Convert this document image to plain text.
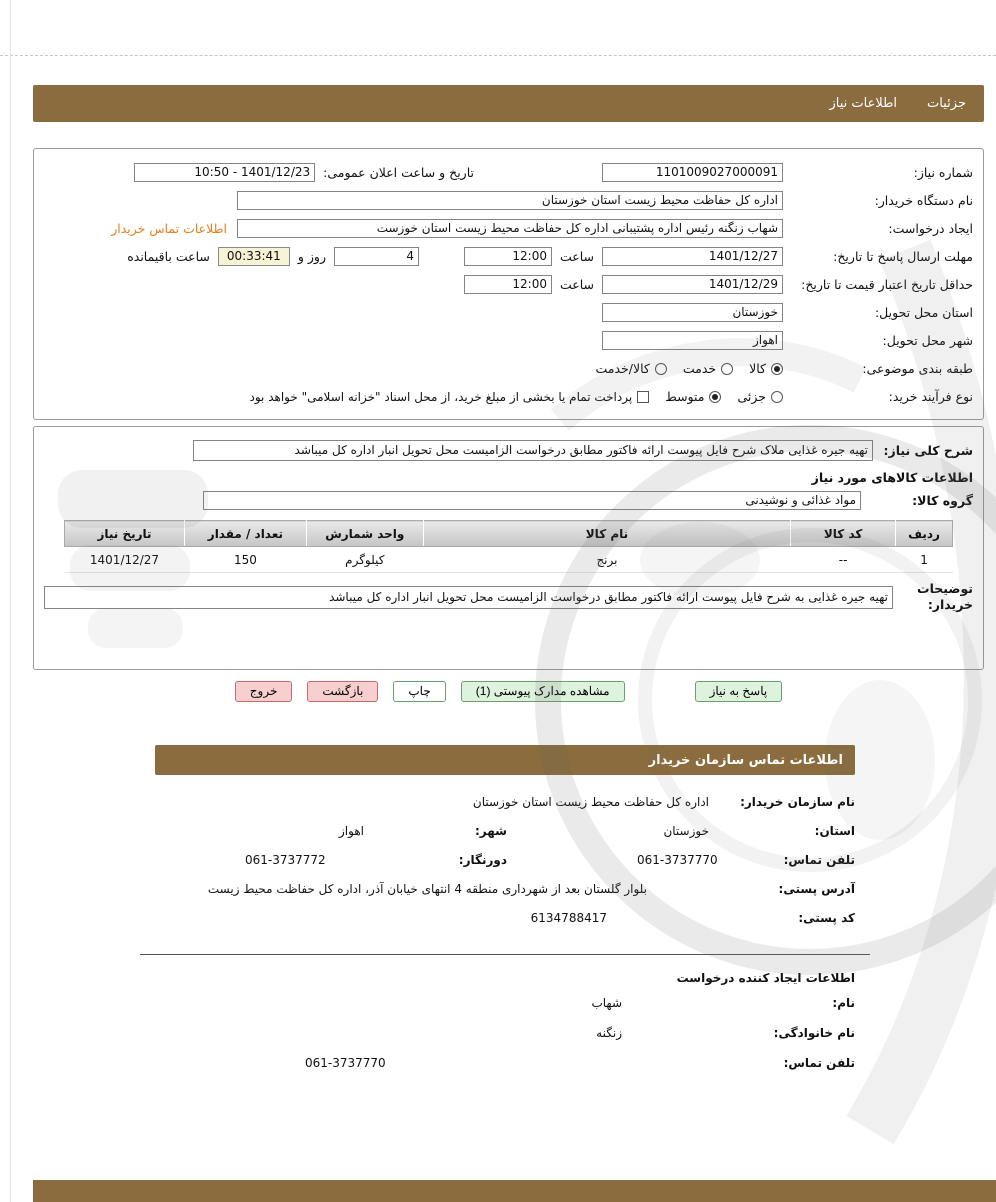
جزئیات
اطلاعات نیاز
شماره نیاز:
1101009027000091
تاریخ و ساعت اعلان عمومی:
1401/12/23 - 10:50
نام دستگاه خریدار:
اداره کل حفاظت محیط زیست استان خوزستان
ایجاد درخواست:
شهاب زنگنه رئیس اداره پشتیبانی اداره کل حفاظت محیط زیست استان خوزست
اطلاعات تماس خریدار
مهلت ارسال پاسخ تا تاریخ:
1401/12/27
ساعت
12:00
4
روز و
00:33:41
ساعت باقیمانده
حداقل تاریخ اعتبار قیمت تا تاریخ:
1401/12/29
ساعت
12:00
استان محل تحویل:
خوزستان
شهر محل تحویل:
اهواز
طبقه بندی موضوعی:
کالا
خدمت
کالا/خدمت
نوع فرآیند خرید:
جزئی
متوسط
پرداخت تمام یا بخشی از مبلغ خرید، از محل اسناد "خزانه اسلامی" خواهد بود
شرح کلی نیاز:
تهیه جیره غذایی ملاک شرح فایل پیوست ارائه فاکتور مطابق درخواست الزامیست محل تحویل انبار اداره کل میباشد
اطلاعات کالاهای مورد نیاز
گروه کالا:
مواد غذائی و نوشیدنی
ردیف	کد کالا	نام کالا	واحد شمارش	تعداد / مقدار	تاریخ نیاز
1	--	برنج	کیلوگرم	150	1401/12/27
توضیحات خریدار:
تهیه جیره غذایی به شرح فایل پیوست ارائه فاکتور مطابق درخواست الزامیست محل تحویل انبار اداره کل میباشد
پاسخ به نیاز
مشاهده مدارک پیوستی (1)
چاپ
بازگشت
خروج
اطلاعات تماس سازمان خریدار
نام سازمان خریدار:
اداره کل حفاظت محیط زیست استان خوزستان
استان:
خوزستان
شهر:
اهواز
تلفن تماس:
061-3737770
دورنگار:
061-3737772
آدرس پستی:
بلوار گلستان بعد از شهرداری منطقه 4 انتهای خیابان آذر، اداره کل حفاظت محیط زیست
کد پستی:
6134788417
اطلاعات ایجاد کننده درخواست
نام:
شهاب
نام خانوادگی:
زنگنه
تلفن تماس:
061-3737770
